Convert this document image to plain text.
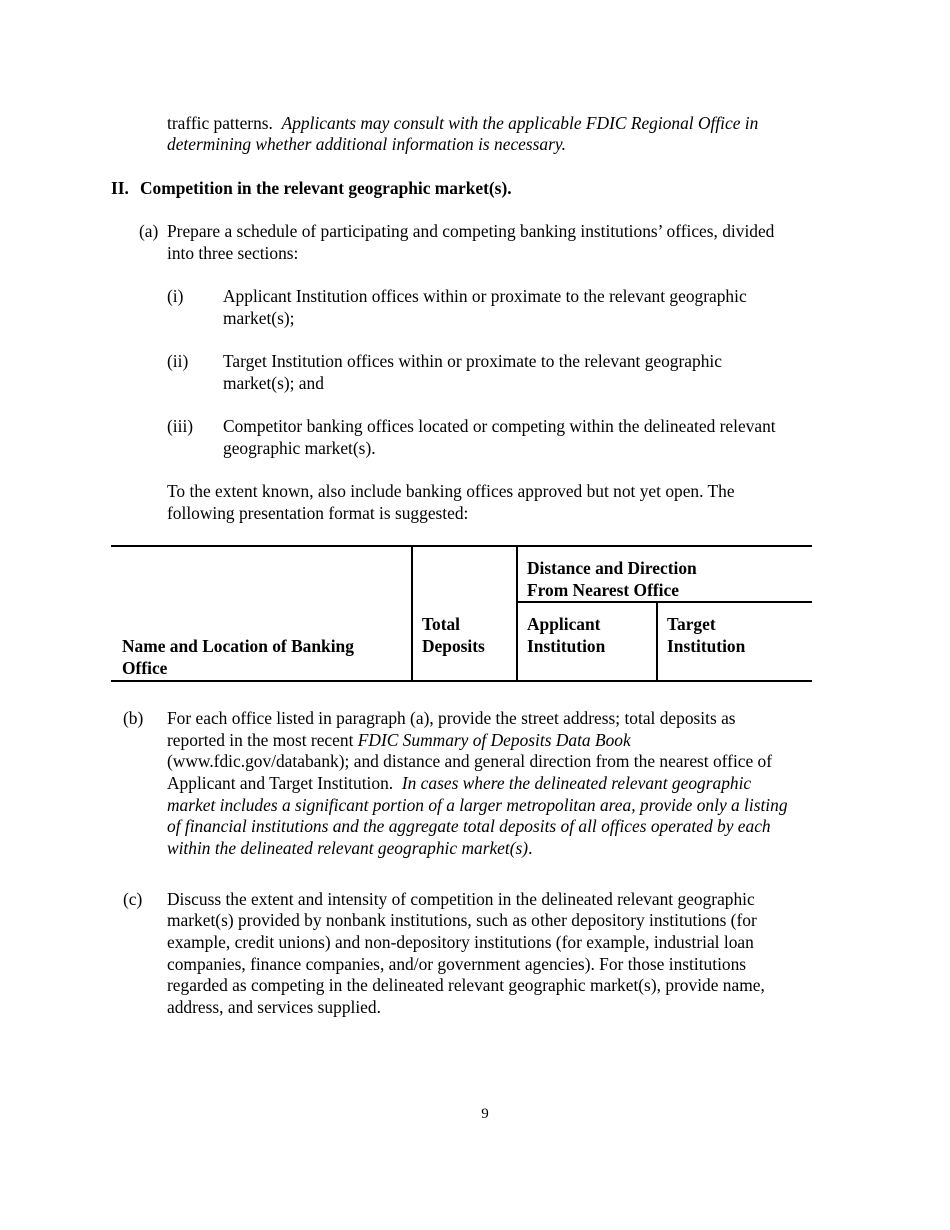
traffic patterns. Applicants may consult with the applicable FDIC Regional Office in
determining whether additional information is necessary.
II. Competition in the relevant geographic market(s).
(a) Prepare a schedule of participating and competing banking institutions’ offices, divided
into three sections:
(i) Applicant Institution offices within or proximate to the relevant geographic
market(s);
(ii) Target Institution offices within or proximate to the relevant geographic
market(s); and
(iii) Competitor banking offices located or competing within the delineated relevant
geographic market(s).
To the extent known, also include banking offices approved but not yet open. The
following presentation format is suggested:
Name and Location of Banking
Office
Total
Deposits
Distance and Direction
From Nearest Office
Applicant
Institution
Target
Institution
(b) For each office listed in paragraph (a), provide the street address; total deposits as
reported in the most recent FDIC Summary of Deposits Data Book
(www.fdic.gov/databank); and distance and general direction from the nearest office of
Applicant and Target Institution. In cases where the delineated relevant geographic
market includes a significant portion of a larger metropolitan area, provide only a listing
of financial institutions and the aggregate total deposits of all offices operated by each
within the delineated relevant geographic market(s).
(c) Discuss the extent and intensity of competition in the delineated relevant geographic
market(s) provided by nonbank institutions, such as other depository institutions (for
example, credit unions) and non-depository institutions (for example, industrial loan
companies, finance companies, and/or government agencies). For those institutions
regarded as competing in the delineated relevant geographic market(s), provide name,
address, and services supplied.
9
